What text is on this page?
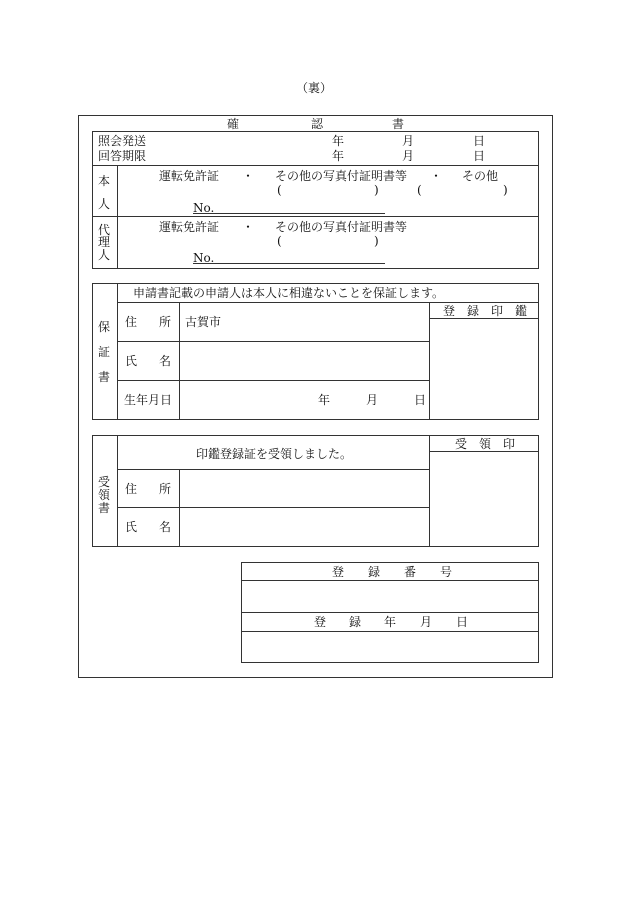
（裏）
確	認	書
照会発送	年	月	日
回答期限	年	月	日
本
人
運転免許証 ・ その他の写真付証明書等 ・ その他
(	)	(	)
No.
代
理
人
運転免許証 ・ その他の写真付証明書等
(	)
No.
保
証
書
申請書記載の申請人は本人に相違ないことを保証します。
住 所 古賀市
氏 名
生年月日	年	月	日
登 録 印 鑑
受
領
書
印鑑登録証を受領しました。
住 所
氏 名
受 領 印
登 録 番 号
登 録 年 月 日
